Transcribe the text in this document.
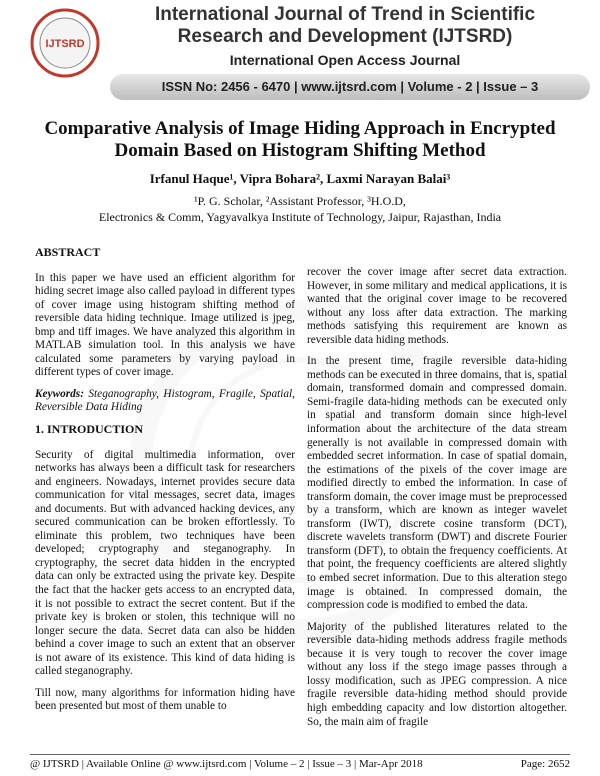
IJTSRD
International Journal of Trend in Scientific
Research and Development (IJTSRD)
International Open Access Journal
ISSN No: 2456 - 6470 | www.ijtsrd.com | Volume - 2 | Issue – 3
Comparative Analysis of Image Hiding Approach in Encrypted
Domain Based on Histogram Shifting Method
Irfanul Haque¹, Vipra Bohara², Laxmi Narayan Balai³
¹P. G. Scholar, ²Assistant Professor, ³H.O.D,
Electronics & Comm, Yagyavalkya Institute of Technology, Jaipur, Rajasthan, India
ABSTRACT

In this paper we have used an efficient algorithm for hiding secret image also called payload in different types of cover image using histogram shifting method of reversible data hiding technique. Image utilized is jpeg, bmp and tiff images. We have analyzed this algorithm in MATLAB simulation tool. In this analysis we have calculated some parameters by varying payload in different types of cover image.

Keywords: Steganography, Histogram, Fragile, Spatial, Reversible Data Hiding

1. INTRODUCTION

Security of digital multimedia information, over networks has always been a difficult task for researchers and engineers. Nowadays, internet provides secure data communication for vital messages, secret data, images and documents. But with advanced hacking devices, any secured communication can be broken effortlessly. To eliminate this problem, two techniques have been developed; cryptography and steganography. In cryptography, the secret data hidden in the encrypted data can only be extracted using the private key. Despite the fact that the hacker gets access to an encrypted data, it is not possible to extract the secret content. But if the private key is broken or stolen, this technique will no longer secure the data. Secret data can also be hidden behind a cover image to such an extent that an observer is not aware of its existence. This kind of data hiding is called steganography.

Till now, many algorithms for information hiding have been presented but most of them unable to

recover the cover image after secret data extraction. However, in some military and medical applications, it is wanted that the original cover image to be recovered without any loss after data extraction. The marking methods satisfying this requirement are known as reversible data hiding methods.

In the present time, fragile reversible data-hiding methods can be executed in three domains, that is, spatial domain, transformed domain and compressed domain. Semi-fragile data-hiding methods can be executed only in spatial and transform domain since high-level information about the architecture of the data stream generally is not available in compressed domain with embedded secret information. In case of spatial domain, the estimations of the pixels of the cover image are modified directly to embed the information. In case of transform domain, the cover image must be preprocessed by a transform, which are known as integer wavelet transform (IWT), discrete cosine transform (DCT), discrete wavelets transform (DWT) and discrete Fourier transform (DFT), to obtain the frequency coefficients. At that point, the frequency coefficients are altered slightly to embed secret information. Due to this alteration stego image is obtained. In compressed domain, the compression code is modified to embed the data.

Majority of the published literatures related to the reversible data-hiding methods address fragile methods because it is very tough to recover the cover image without any loss if the stego image passes through a lossy modification, such as JPEG compression. A nice fragile reversible data-hiding method should provide high embedding capacity and low distortion altogether. So, the main aim of fragile

@ IJTSRD | Available Online @ www.ijtsrd.com | Volume – 2 | Issue – 3 | Mar-Apr 2018	Page: 2652
